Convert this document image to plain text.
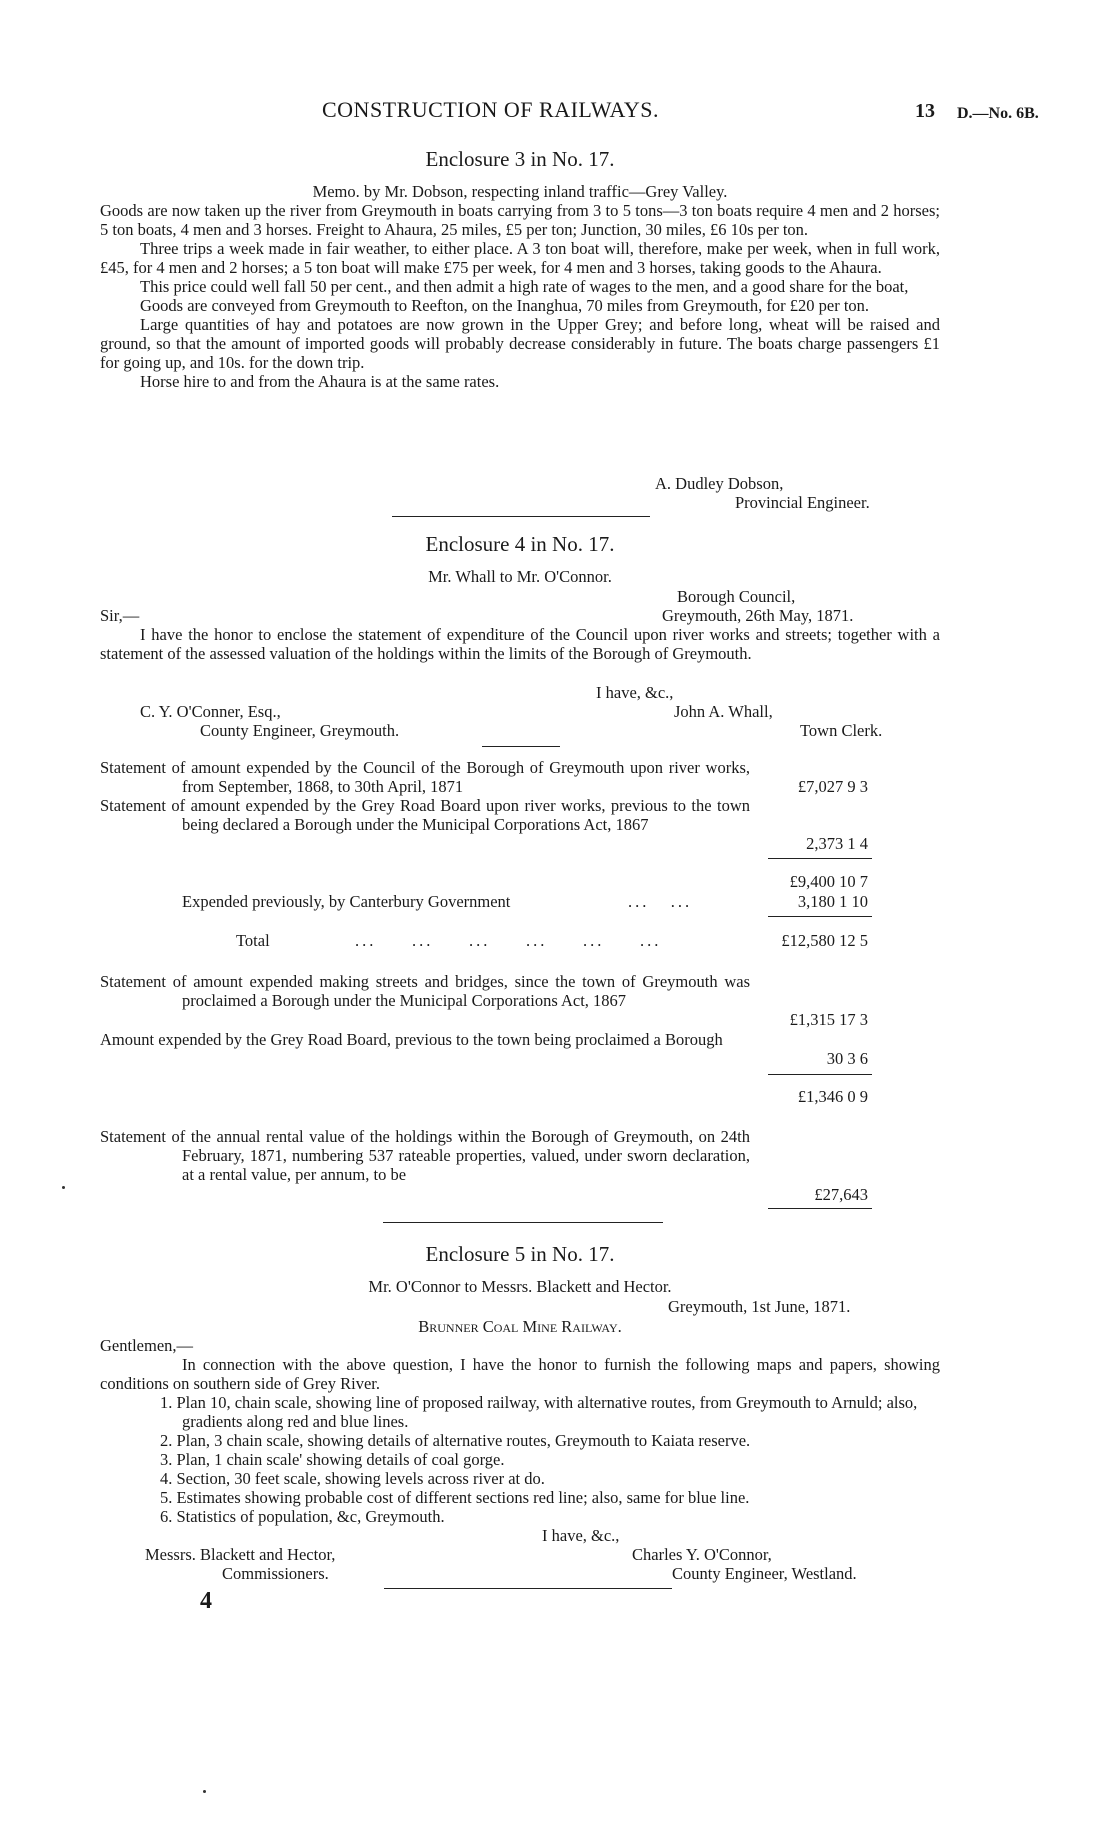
CONSTRUCTION OF RAILWAYS.	13 D.—No. 6B.
Enclosure 3 in No. 17.
Memo. by Mr. Dobson, respecting inland traffic—Grey Valley.
Goods are now taken up the river from Greymouth in boats carrying from 3 to 5 tons—3 ton boats require 4 men and 2 horses; 5 ton boats, 4 men and 3 horses. Freight to Ahaura, 25 miles, £5 per ton; Junction, 30 miles, £6 10s per ton.
Three trips a week made in fair weather, to either place. A 3 ton boat will, therefore, make per week, when in full work, £45, for 4 men and 2 horses; a 5 ton boat will make £75 per week, for 4 men and 3 horses, taking goods to the Ahaura.
This price could well fall 50 per cent., and then admit a high rate of wages to the men, and a good share for the boat,
Goods are conveyed from Greymouth to Reefton, on the Inanghua, 70 miles from Greymouth, for £20 per ton.
Large quantities of hay and potatoes are now grown in the Upper Grey; and before long, wheat will be raised and ground, so that the amount of imported goods will probably decrease considerably in future. The boats charge passengers £1 for going up, and 10s. for the down trip.
Horse hire to and from the Ahaura is at the same rates.
A. Dudley Dobson,
Provincial Engineer.
Enclosure 4 in No. 17.
Mr. Whall to Mr. O'Connor.
Borough Council,
Greymouth, 26th May, 1871.
Sir,—
I have the honor to enclose the statement of expenditure of the Council upon river works and streets; together with a statement of the assessed valuation of the holdings within the limits of the Borough of Greymouth.
I have, &c.,
C. Y. O'Conner, Esq.,
County Engineer, Greymouth.
John A. Whall,
Town Clerk.
Statement of amount expended by the Council of the Borough of Greymouth upon river works, from September, 1868, to 30th April, 1871	£7,027 9 3
Statement of amount expended by the Grey Road Board upon river works, previous to the town being declared a Borough under the Municipal Corporations Act, 1867
2,373 1 4
£9,400 10 7
Expended previously, by Canterbury Government	...   ...	3,180 1 10
Total	...     ...     ...     ...     ...     ...	£12,580 12 5
Statement of amount expended making streets and bridges, since the town of Greymouth was proclaimed a Borough under the Municipal Corporations Act, 1867
£1,315 17 3
Amount expended by the Grey Road Board, previous to the town being proclaimed a Borough
30 3 6
£1,346 0 9
Statement of the annual rental value of the holdings within the Borough of Greymouth, on 24th February, 1871, numbering 537 rateable properties, valued, under sworn declaration, at a rental value, per annum, to be
£27,643
Enclosure 5 in No. 17.
Mr. O'Connor to Messrs. Blackett and Hector.
Greymouth, 1st June, 1871.
Brunner Coal Mine Railway.
Gentlemen,—
In connection with the above question, I have the honor to furnish the following maps and papers, showing conditions on southern side of Grey River.
1. Plan 10, chain scale, showing line of proposed railway, with alternative routes, from Greymouth to Arnuld; also, gradients along red and blue lines.
2. Plan, 3 chain scale, showing details of alternative routes, Greymouth to Kaiata reserve.
3. Plan, 1 chain scale' showing details of coal gorge.
4. Section, 30 feet scale, showing levels across river at do.
5. Estimates showing probable cost of different sections red line; also, same for blue line.
6. Statistics of population, &c, Greymouth.
I have, &c.,
Messrs. Blackett and Hector,
Commissioners.
Charles Y. O'Connor,
County Engineer, Westland.
4
